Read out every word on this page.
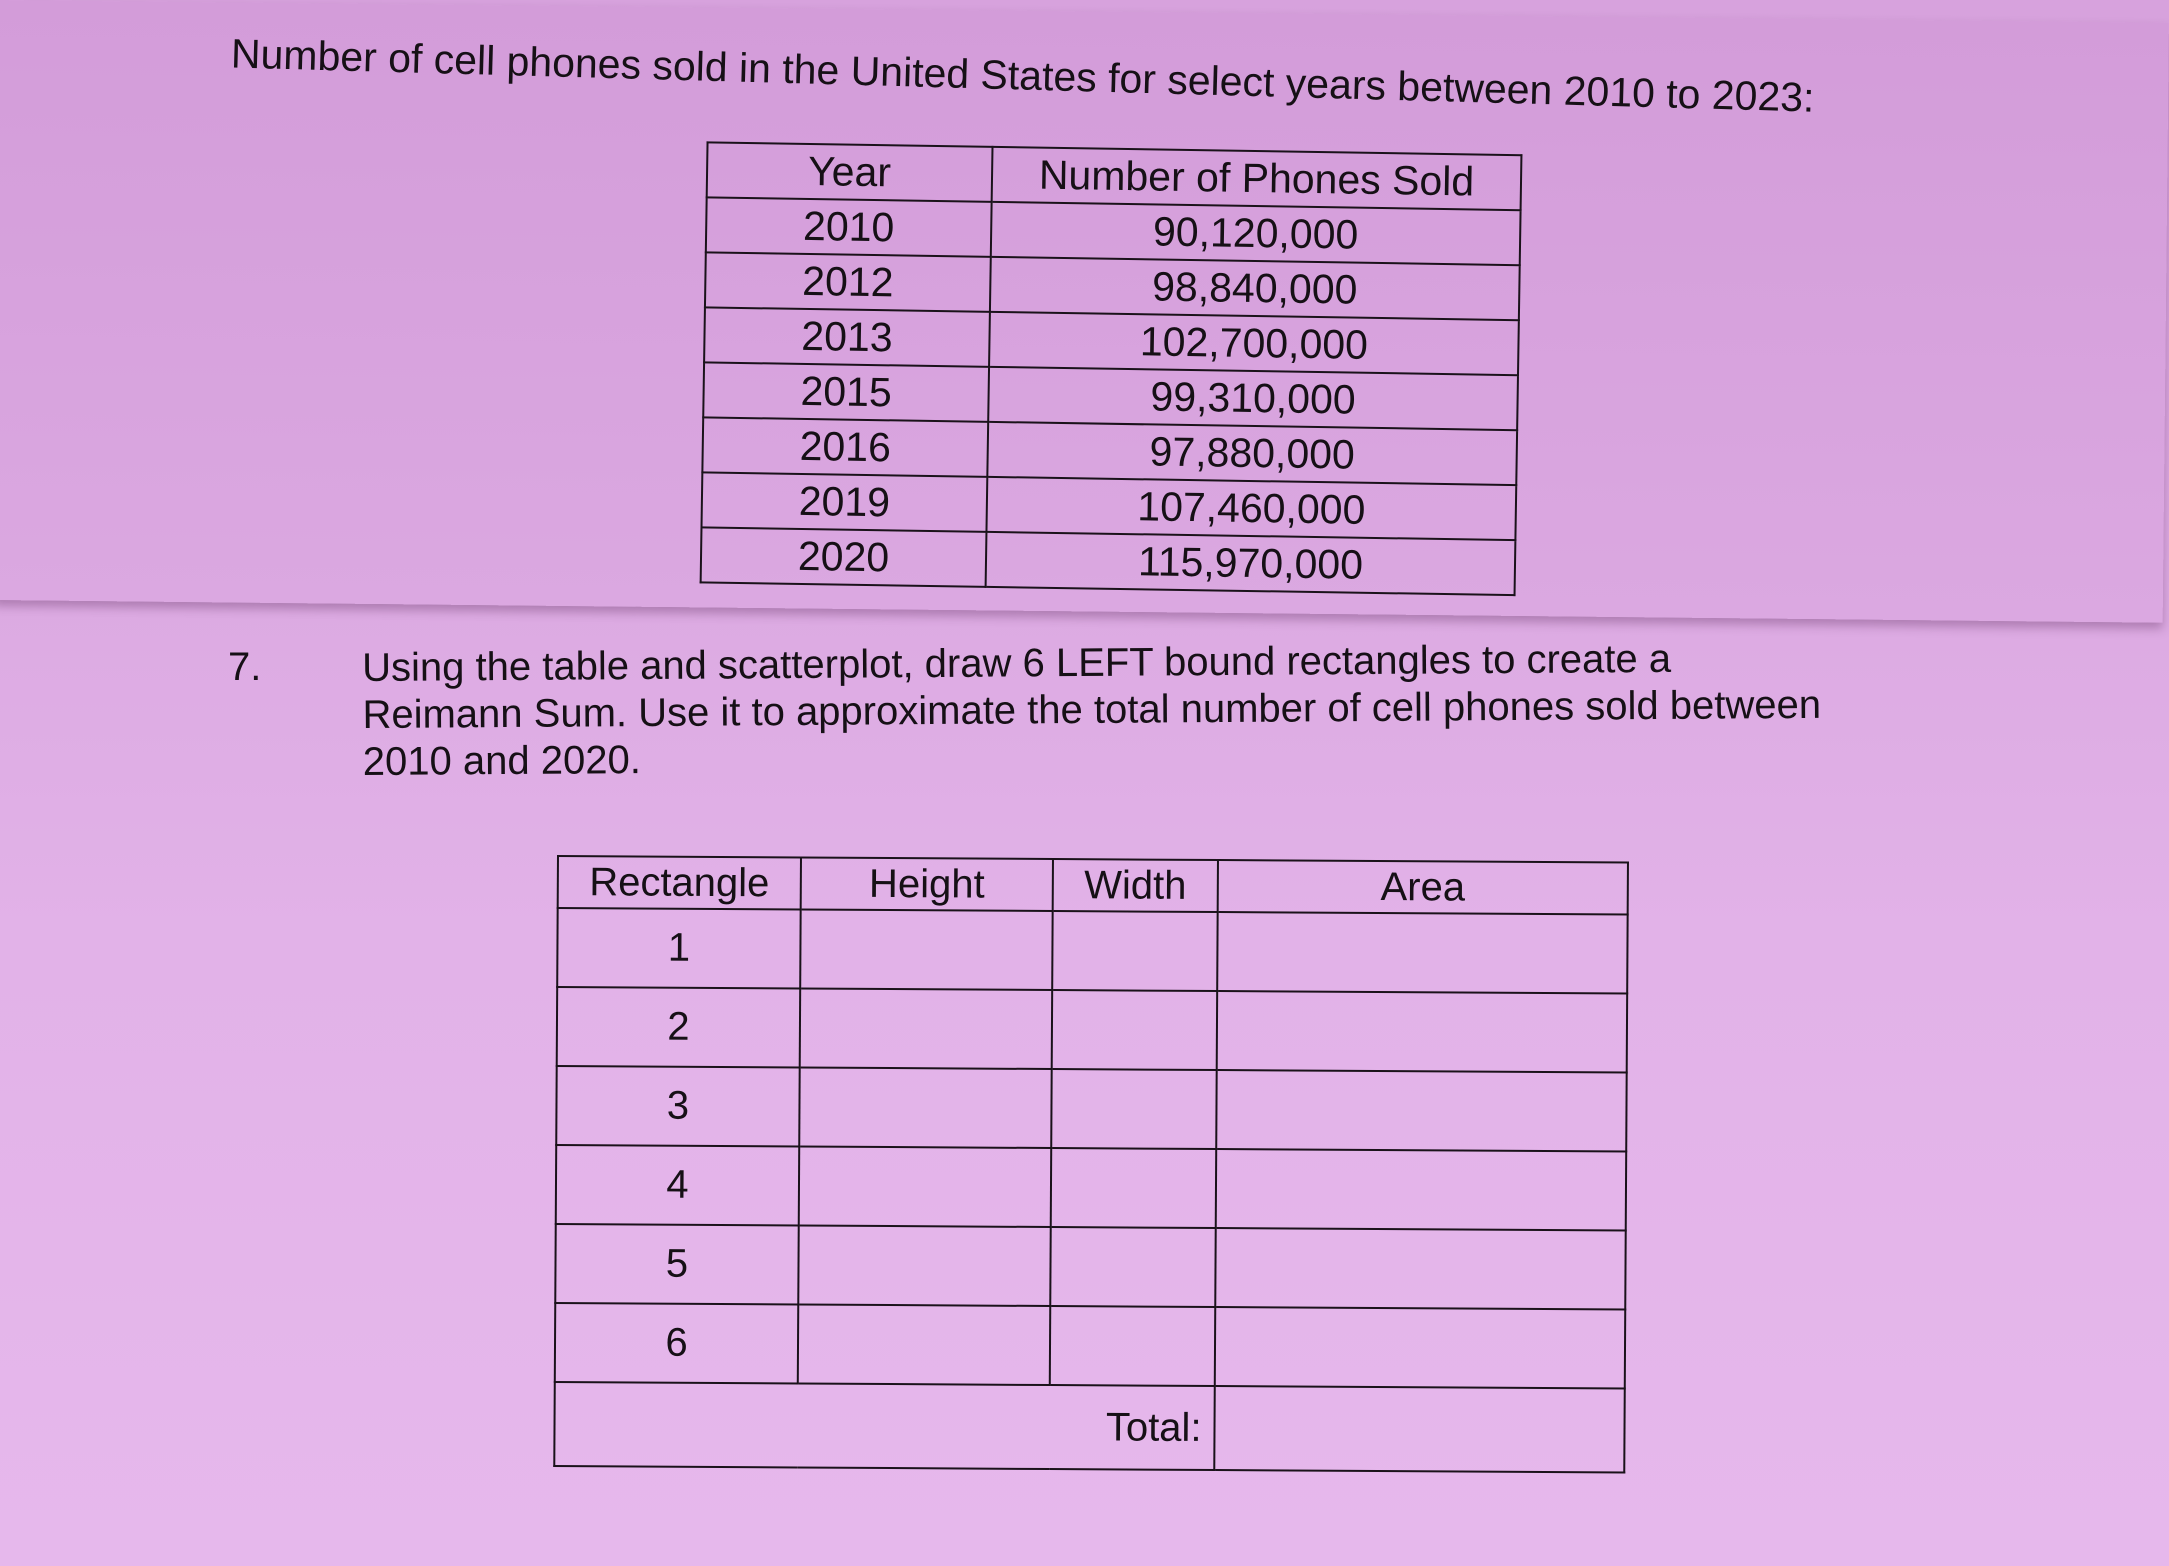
Number of cell phones sold in the United States for select years between 2010 to 2023:
Year	Number of Phones Sold
2010	90,120,000
2012	98,840,000
2013	102,700,000
2015	99,310,000
2016	97,880,000
2019	107,460,000
2020	115,970,000
7.	Using the table and scatterplot, draw 6 LEFT bound rectangles to create a Reimann Sum. Use it to approximate the total number of cell phones sold between 2010 and 2020.
Rectangle	Height	Width	Area
1			
2			
3			
4			
5			
6			
Total:			
